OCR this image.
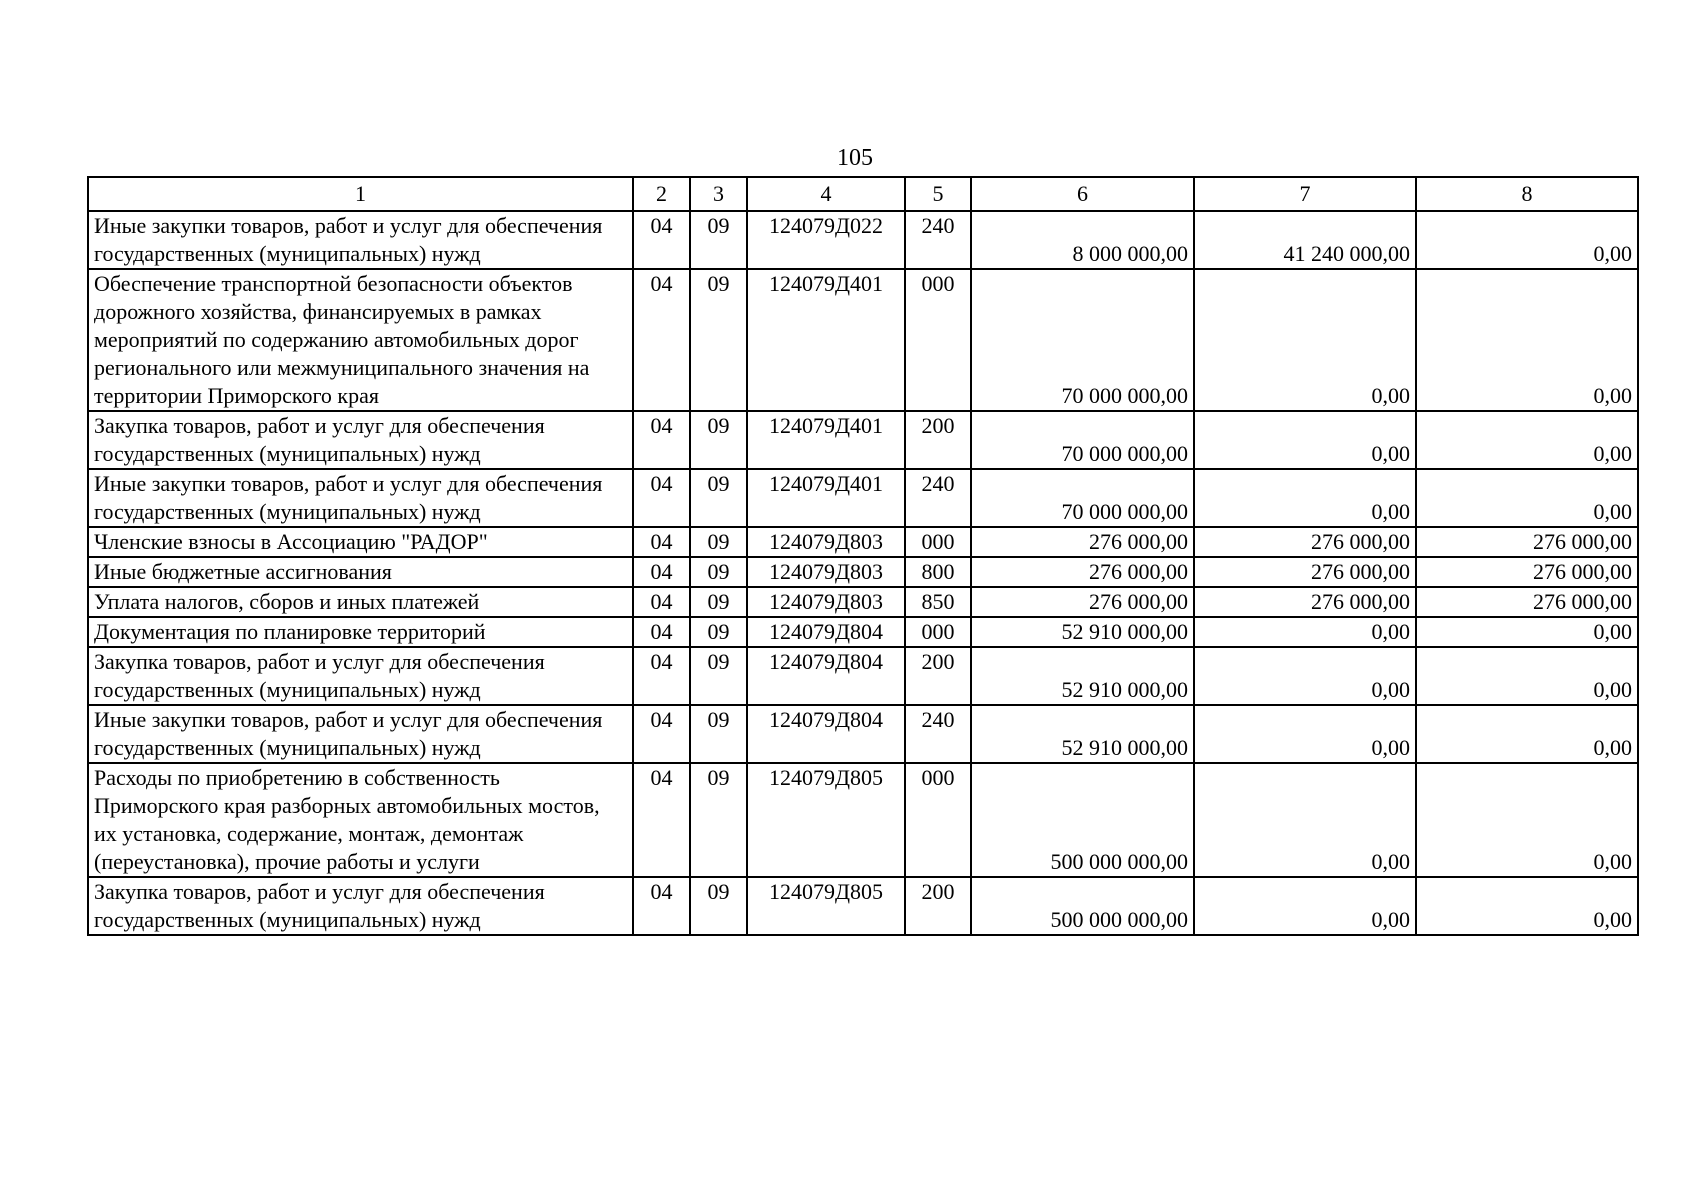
105
1	2	3	4	5	6	7	8
Иные закупки товаров, работ и услуг для обеспечения государственных (муниципальных) нужд	04	09	124079Д022	240	8 000 000,00	41 240 000,00	0,00
Обеспечение транспортной безопасности объектов дорожного хозяйства, финансируемых в рамках мероприятий по содержанию автомобильных дорог регионального или межмуниципального значения на территории Приморского края	04	09	124079Д401	000	70 000 000,00	0,00	0,00
Закупка товаров, работ и услуг для обеспечения государственных (муниципальных) нужд	04	09	124079Д401	200	70 000 000,00	0,00	0,00
Иные закупки товаров, работ и услуг для обеспечения государственных (муниципальных) нужд	04	09	124079Д401	240	70 000 000,00	0,00	0,00
Членские взносы в Ассоциацию "РАДОР"	04	09	124079Д803	000	276 000,00	276 000,00	276 000,00
Иные бюджетные ассигнования	04	09	124079Д803	800	276 000,00	276 000,00	276 000,00
Уплата налогов, сборов и иных платежей	04	09	124079Д803	850	276 000,00	276 000,00	276 000,00
Документация по планировке территорий	04	09	124079Д804	000	52 910 000,00	0,00	0,00
Закупка товаров, работ и услуг для обеспечения государственных (муниципальных) нужд	04	09	124079Д804	200	52 910 000,00	0,00	0,00
Иные закупки товаров, работ и услуг для обеспечения государственных (муниципальных) нужд	04	09	124079Д804	240	52 910 000,00	0,00	0,00
Расходы по приобретению в собственность Приморского края разборных автомобильных мостов, их установка, содержание, монтаж, демонтаж (переустановка), прочие работы и услуги	04	09	124079Д805	000	500 000 000,00	0,00	0,00
Закупка товаров, работ и услуг для обеспечения государственных (муниципальных) нужд	04	09	124079Д805	200	500 000 000,00	0,00	0,00
